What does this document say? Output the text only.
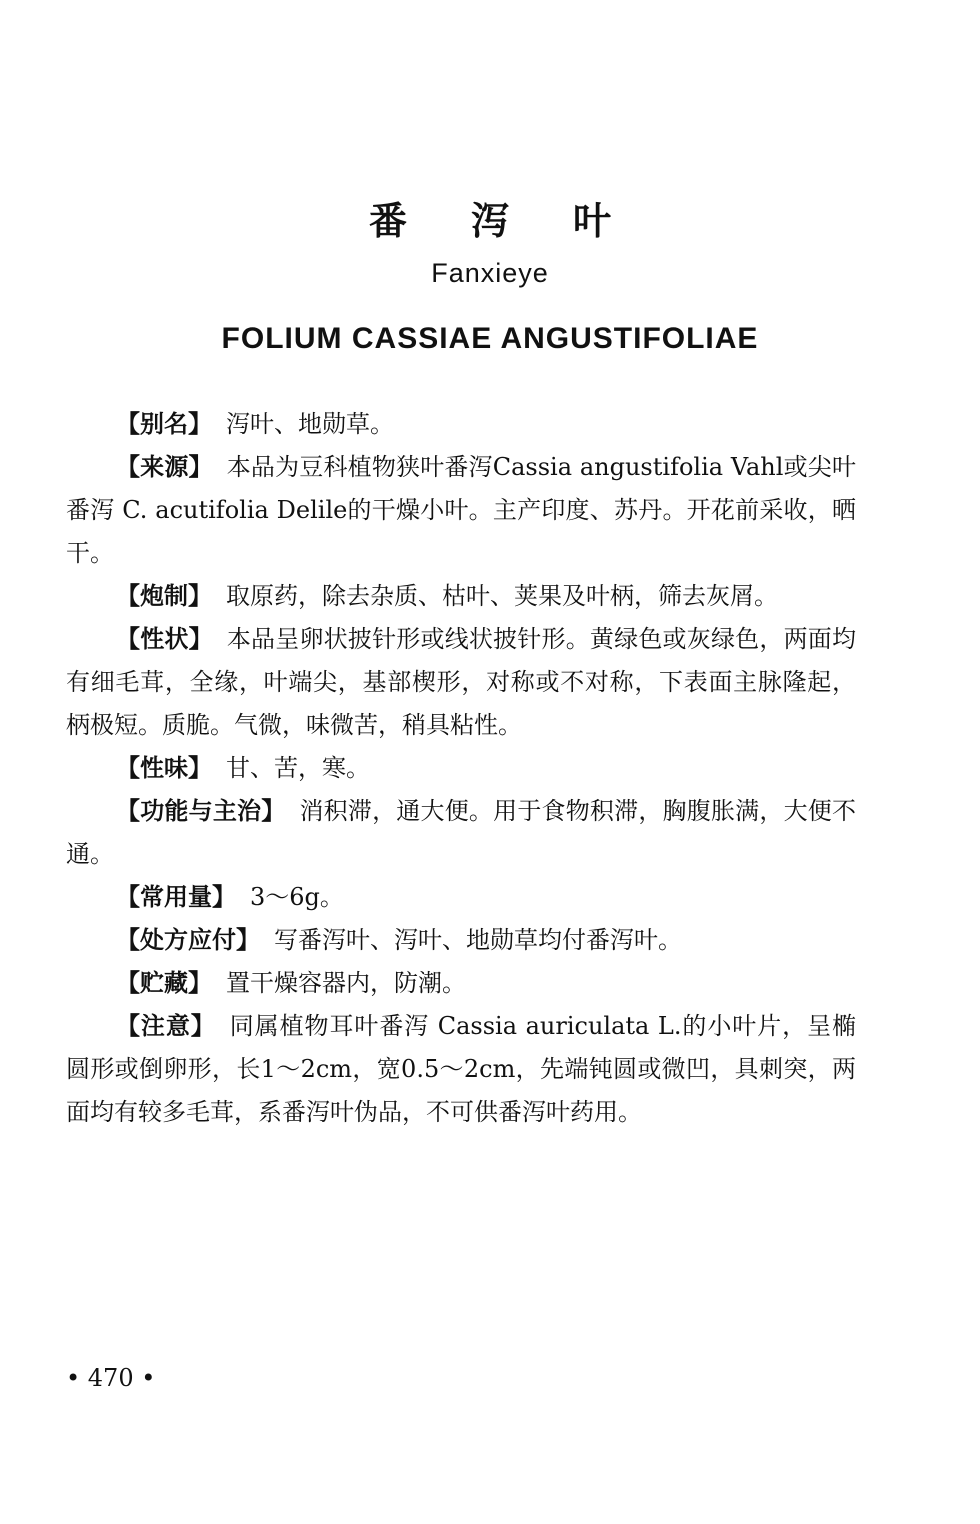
番泻叶
Fanxieye
FOLIUM CASSIAE ANGUSTIFOLIAE

【别名】 泻叶、地勋草。

【来源】 本品为豆科植物狭叶番泻Cassia angustifolia Vahl或尖叶番泻 C. acutifolia Delile的干燥小叶。主产印度、苏丹。开花前采收，晒干。

【炮制】 取原药，除去杂质、枯叶、荚果及叶柄，筛去灰屑。

【性状】 本品呈卵状披针形或线状披针形。黄绿色或灰绿色，两面均有细毛茸，全缘，叶端尖，基部楔形，对称或不对称，下表面主脉隆起，柄极短。质脆。气微，味微苦，稍具粘性。

【性味】 甘、苦，寒。

【功能与主治】 消积滞，通大便。用于食物积滞，胸腹胀满，大便不通。

【常用量】 3～6g。

【处方应付】 写番泻叶、泻叶、地勋草均付番泻叶。

【贮藏】 置干燥容器内，防潮。

【注意】 同属植物耳叶番泻 Cassia auriculata L.的小叶片，呈椭圆形或倒卵形，长1～2cm，宽0.5～2cm，先端钝圆或微凹，具刺突，两面均有较多毛茸，系番泻叶伪品，不可供番泻叶药用。

• 470 •
